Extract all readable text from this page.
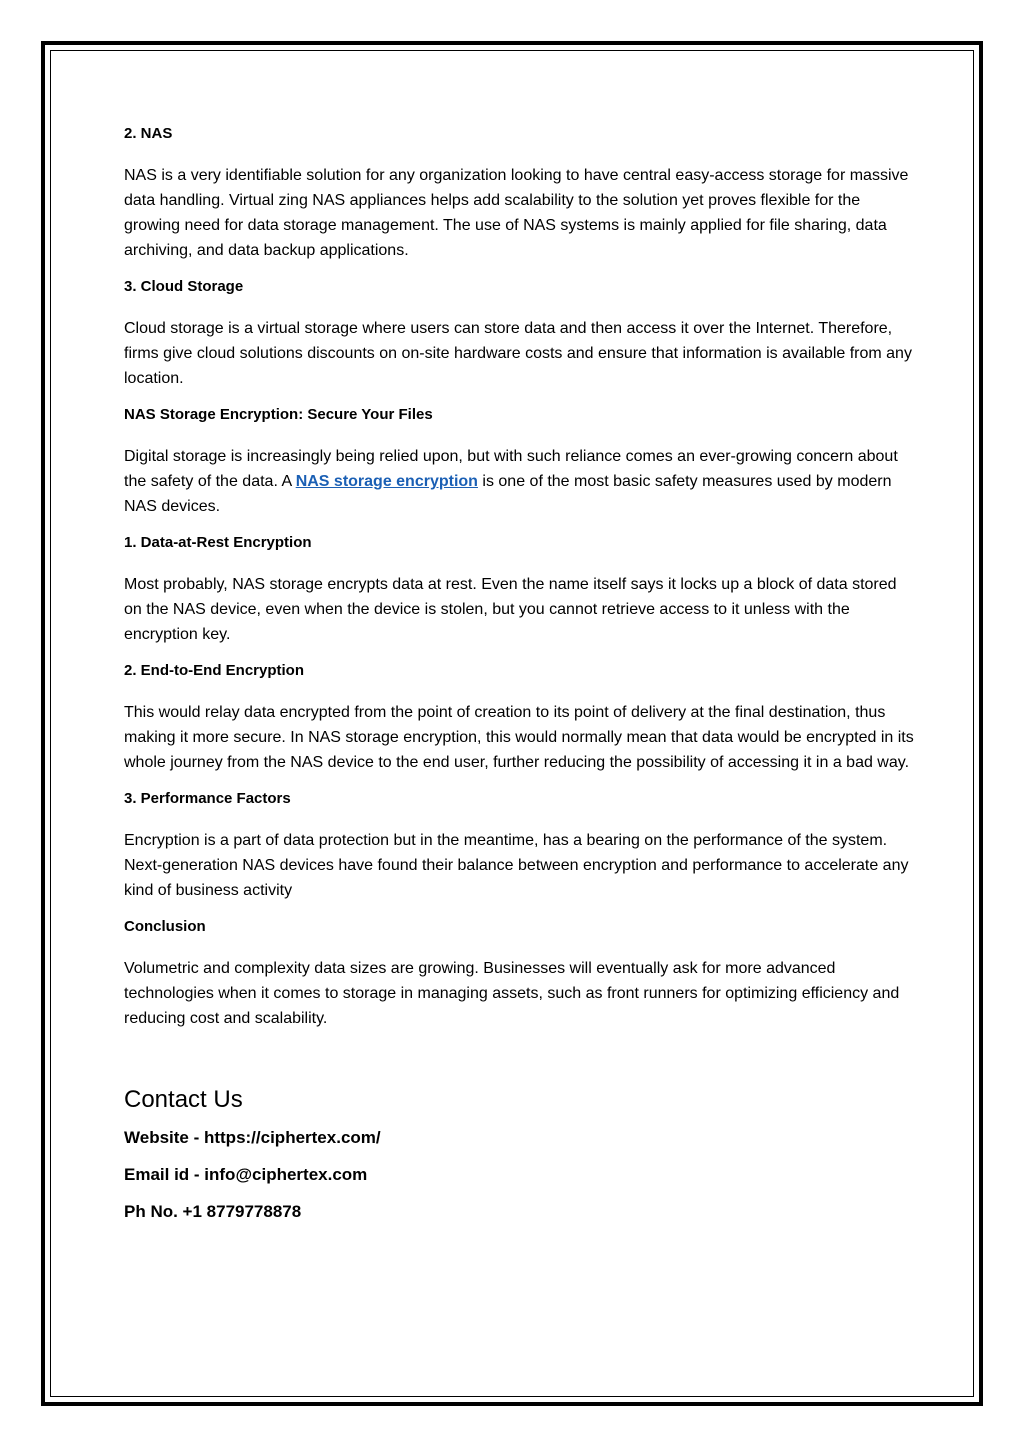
2. NAS

NAS is a very identifiable solution for any organization looking to have central easy-access storage for massive data handling. Virtual zing NAS appliances helps add scalability to the solution yet proves flexible for the growing need for data storage management. The use of NAS systems is mainly applied for file sharing, data archiving, and data backup applications.

3. Cloud Storage

Cloud storage is a virtual storage where users can store data and then access it over the Internet. Therefore, firms give cloud solutions discounts on on-site hardware costs and ensure that information is available from any location.

NAS Storage Encryption: Secure Your Files

Digital storage is increasingly being relied upon, but with such reliance comes an ever-growing concern about the safety of the data. A NAS storage encryption is one of the most basic safety measures used by modern NAS devices.

1. Data-at-Rest Encryption

Most probably, NAS storage encrypts data at rest. Even the name itself says it locks up a block of data stored on the NAS device, even when the device is stolen, but you cannot retrieve access to it unless with the encryption key.

2. End-to-End Encryption

This would relay data encrypted from the point of creation to its point of delivery at the final destination, thus making it more secure. In NAS storage encryption, this would normally mean that data would be encrypted in its whole journey from the NAS device to the end user, further reducing the possibility of accessing it in a bad way.

3. Performance Factors

Encryption is a part of data protection but in the meantime, has a bearing on the performance of the system. Next-generation NAS devices have found their balance between encryption and performance to accelerate any kind of business activity

Conclusion

Volumetric and complexity data sizes are growing. Businesses will eventually ask for more advanced technologies when it comes to storage in managing assets, such as front runners for optimizing efficiency and reducing cost and scalability.

Contact Us
Website - https://ciphertex.com/
Email id - info@ciphertex.com
Ph No. +1 8779778878
